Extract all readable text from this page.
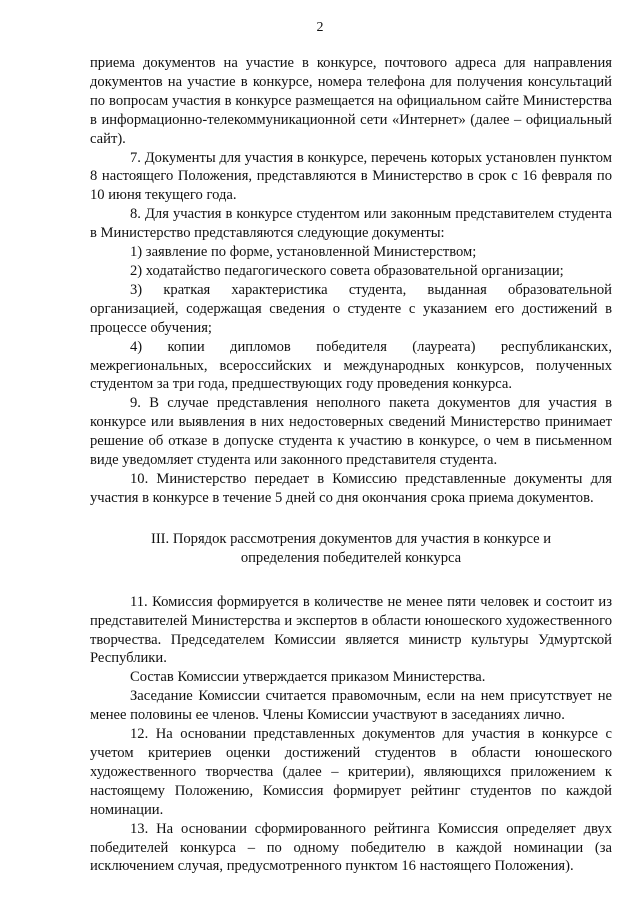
2

приема документов на участие в конкурсе, почтового адреса для направления документов на участие в конкурсе, номера телефона для получения консультаций по вопросам участия в конкурсе размещается на официальном сайте Министерства в информационно-телекоммуникационной сети «Интернет» (далее – официальный сайт).

7. Документы для участия в конкурсе, перечень которых установлен пунктом 8 настоящего Положения, представляются в Министерство в срок с 16 февраля по 10 июня текущего года.

8. Для участия в конкурсе студентом или законным представителем студента в Министерство представляются следующие документы:

1) заявление по форме, установленной Министерством;

2) ходатайство педагогического совета образовательной организации;

3) краткая характеристика студента, выданная образовательной организацией, содержащая сведения о студенте с указанием его достижений в процессе обучения;

4) копии дипломов победителя (лауреата) республиканских, межрегиональных, всероссийских и международных конкурсов, полученных студентом за три года, предшествующих году проведения конкурса.

9. В случае представления неполного пакета документов для участия в конкурсе или выявления в них недостоверных сведений Министерство принимает решение об отказе в допуске студента к участию в конкурсе, о чем в письменном виде уведомляет студента или законного представителя студента.

10. Министерство передает в Комиссию представленные документы для участия в конкурсе в течение 5 дней со дня окончания срока приема документов.

III. Порядок рассмотрения документов для участия в конкурсе и
определения победителей конкурса

11. Комиссия формируется в количестве не менее пяти человек и состоит из представителей Министерства и экспертов в области юношеского художественного творчества. Председателем Комиссии является министр культуры Удмуртской Республики.

Состав Комиссии утверждается приказом Министерства.

Заседание Комиссии считается правомочным, если на нем присутствует не менее половины ее членов. Члены Комиссии участвуют в заседаниях лично.

12. На основании представленных документов для участия в конкурсе с учетом критериев оценки достижений студентов в области юношеского художественного творчества (далее – критерии), являющихся приложением к настоящему Положению, Комиссия формирует рейтинг студентов по каждой номинации.

13. На основании сформированного рейтинга Комиссия определяет двух победителей конкурса – по одному победителю в каждой номинации (за исключением случая, предусмотренного пунктом 16 настоящего Положения).
